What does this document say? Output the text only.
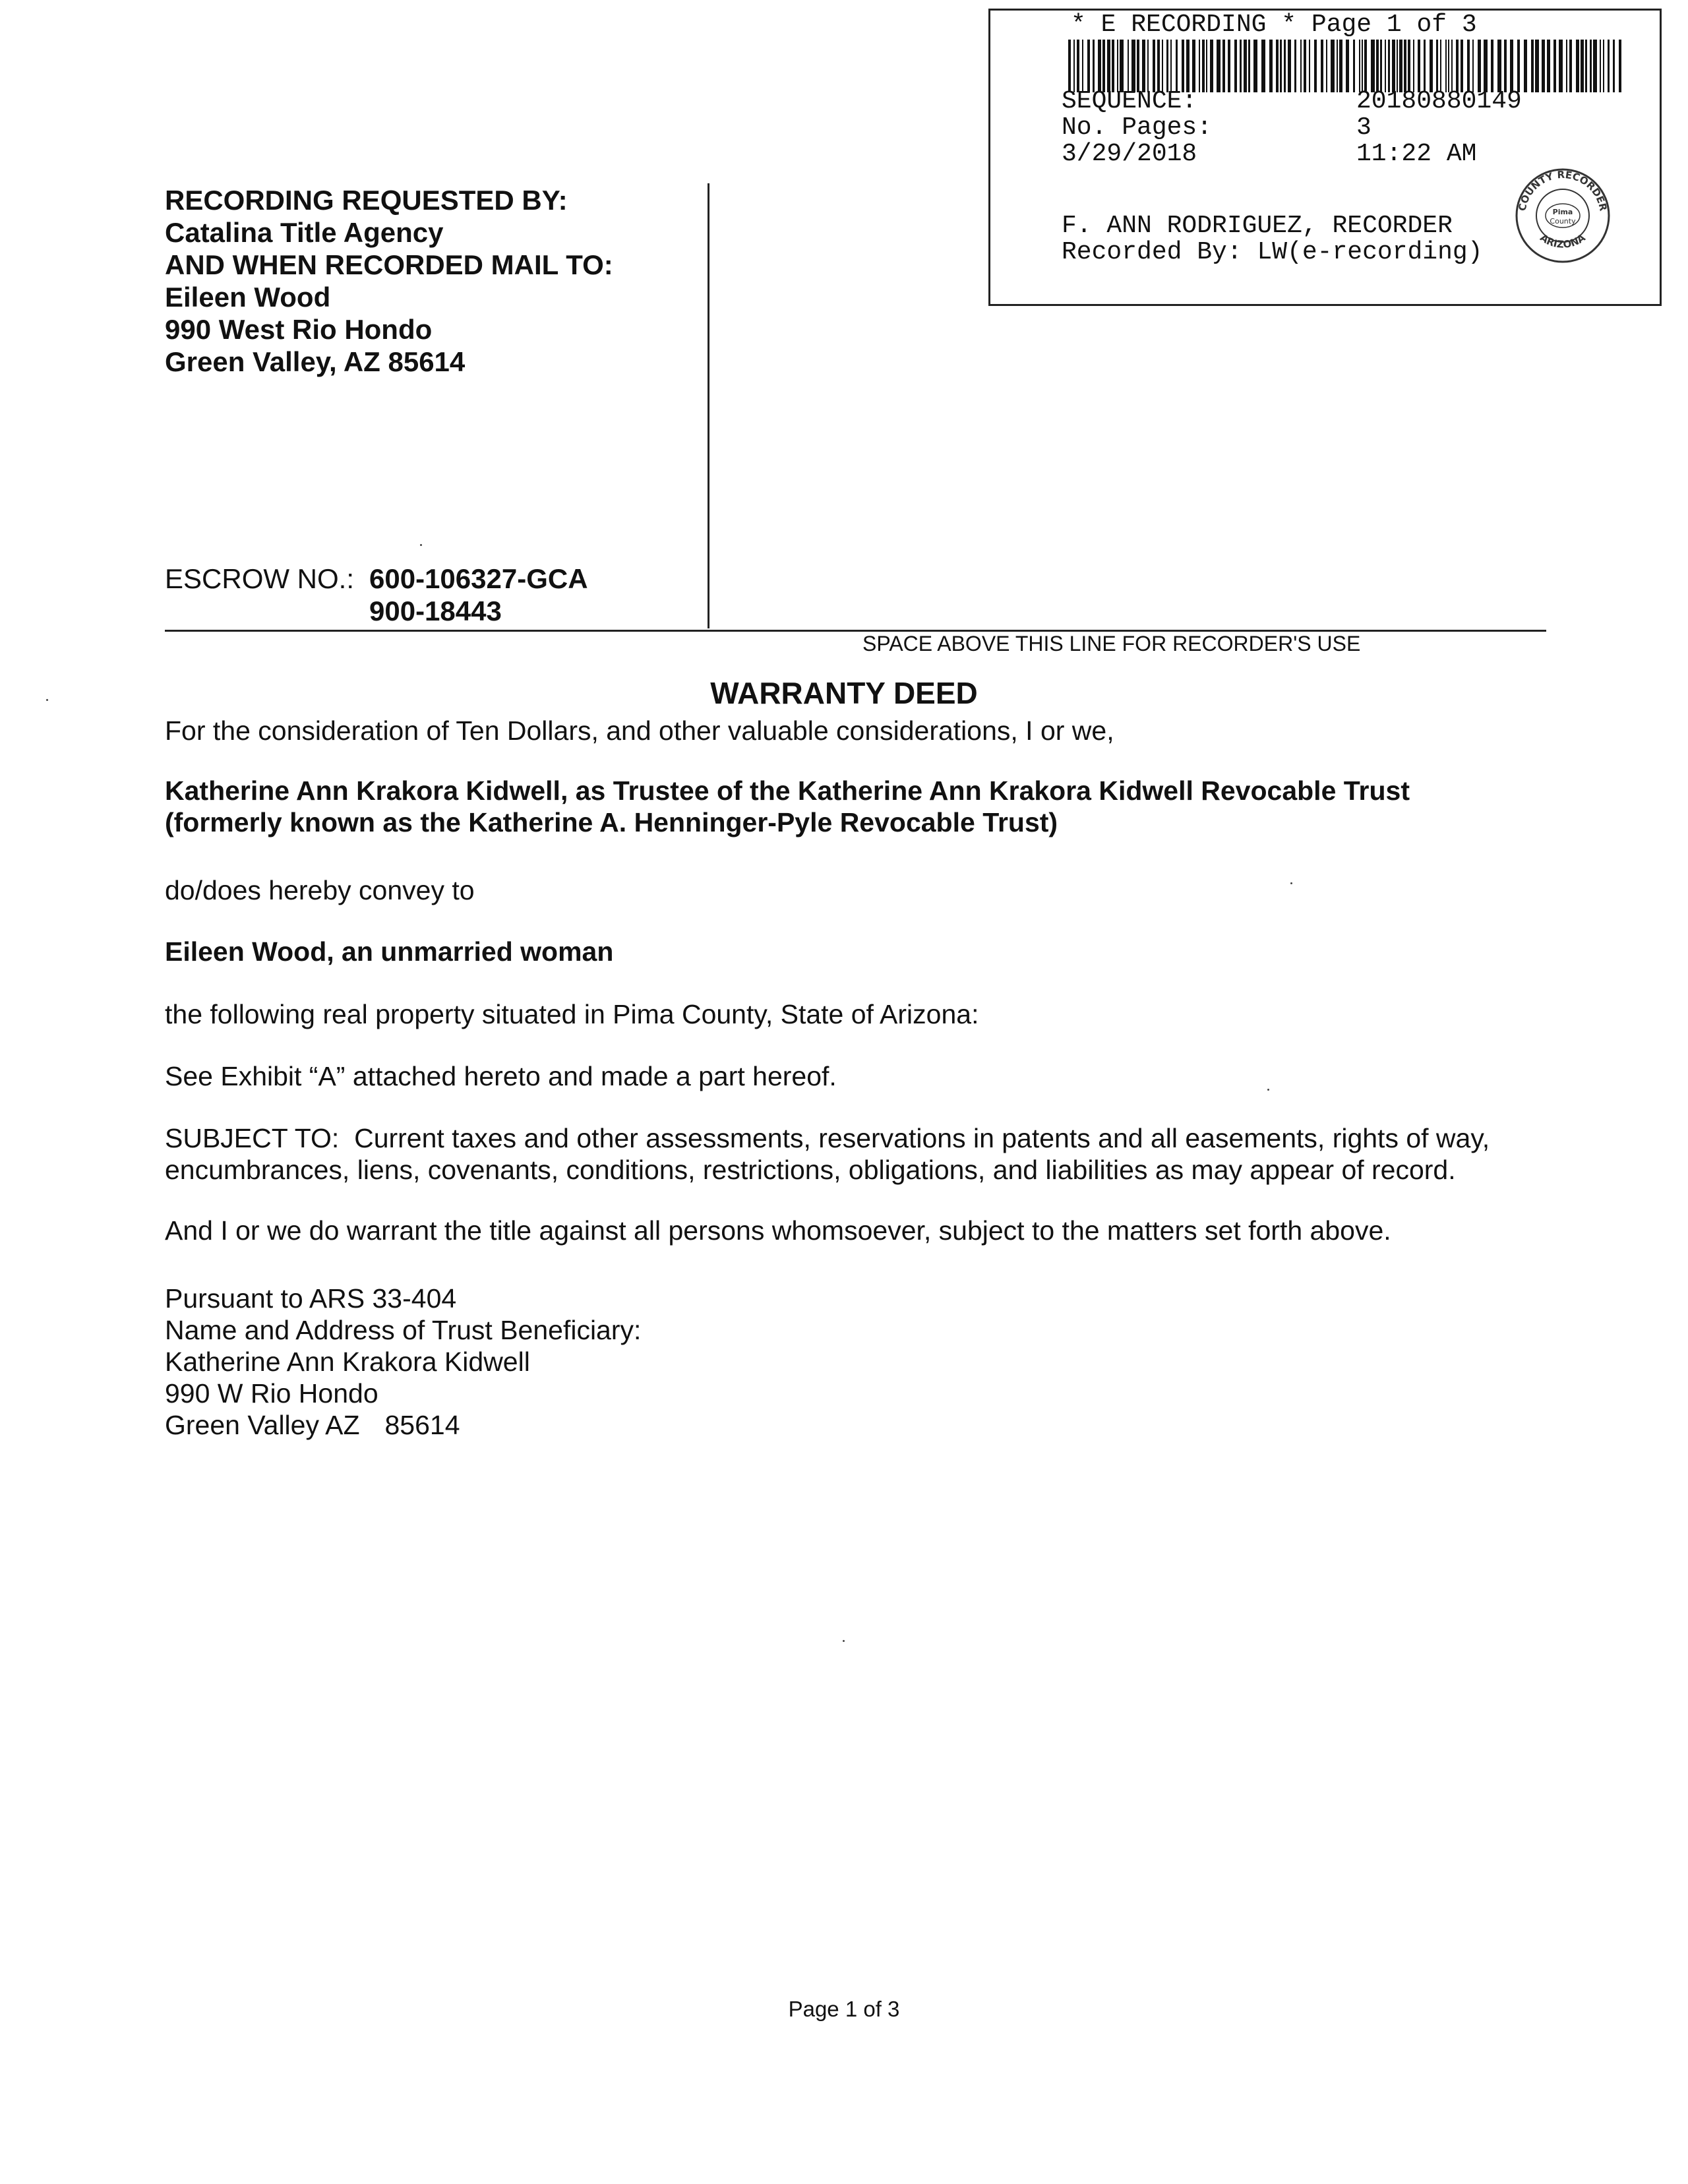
* E RECORDING * Page 1 of 3
SEQUENCE:	20180880149
No. Pages:	3
3/29/2018	11:22 AM
F. ANN RODRIGUEZ, RECORDER
Recorded By: LW(e-recording)
COUNTY RECORDER
ARIZONA
Pima
County
RECORDING REQUESTED BY:
Catalina Title Agency
AND WHEN RECORDED MAIL TO:
Eileen Wood
990 West Rio Hondo
Green Valley, AZ 85614
ESCROW NO.: 600-106327-GCA
900-18443
SPACE ABOVE THIS LINE FOR RECORDER'S USE
WARRANTY DEED
For the consideration of Ten Dollars, and other valuable considerations, I or we,
Katherine Ann Krakora Kidwell, as Trustee of the Katherine Ann Krakora Kidwell Revocable Trust
(formerly known as the Katherine A. Henninger-Pyle Revocable Trust)
do/does hereby convey to
Eileen Wood, an unmarried woman
the following real property situated in Pima County, State of Arizona:
See Exhibit “A” attached hereto and made a part hereof.
SUBJECT TO:  Current taxes and other assessments, reservations in patents and all easements, rights of way,
encumbrances, liens, covenants, conditions, restrictions, obligations, and liabilities as may appear of record.
And I or we do warrant the title against all persons whomsoever, subject to the matters set forth above.
Pursuant to ARS 33-404
Name and Address of Trust Beneficiary:
Katherine Ann Krakora Kidwell
990 W Rio Hondo
Green Valley AZ 85614
Page 1 of 3
